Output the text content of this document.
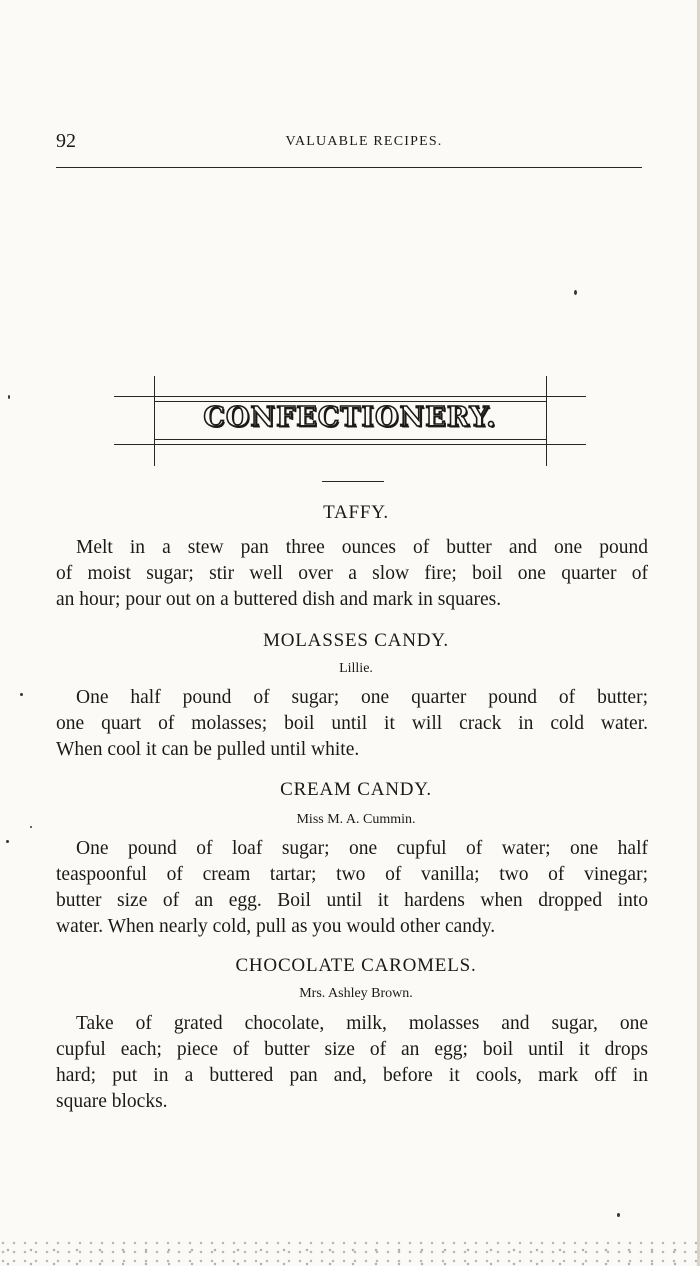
92	VALUABLE RECIPES.
CONFECTIONERY.
TAFFY.
Melt in a stew pan three ounces of butter and one pound
of moist sugar; stir well over a slow fire; boil one quarter of
an hour; pour out on a buttered dish and mark in squares.
MOLASSES CANDY.
Lillie.
One half pound of sugar; one quarter pound of butter;
one quart of molasses; boil until it will crack in cold water.
When cool it can be pulled until white.
CREAM CANDY.
Miss M. A. Cummin.
One pound of loaf sugar; one cupful of water; one half
teaspoonful of cream tartar; two of vanilla; two of vinegar;
butter size of an egg. Boil until it hardens when dropped into
water. When nearly cold, pull as you would other candy.
CHOCOLATE CAROMELS.
Mrs. Ashley Brown.
Take of grated chocolate, milk, molasses and sugar, one
cupful each; piece of butter size of an egg; boil until it drops
hard; put in a buttered pan and, before it cools, mark off in
square blocks.
